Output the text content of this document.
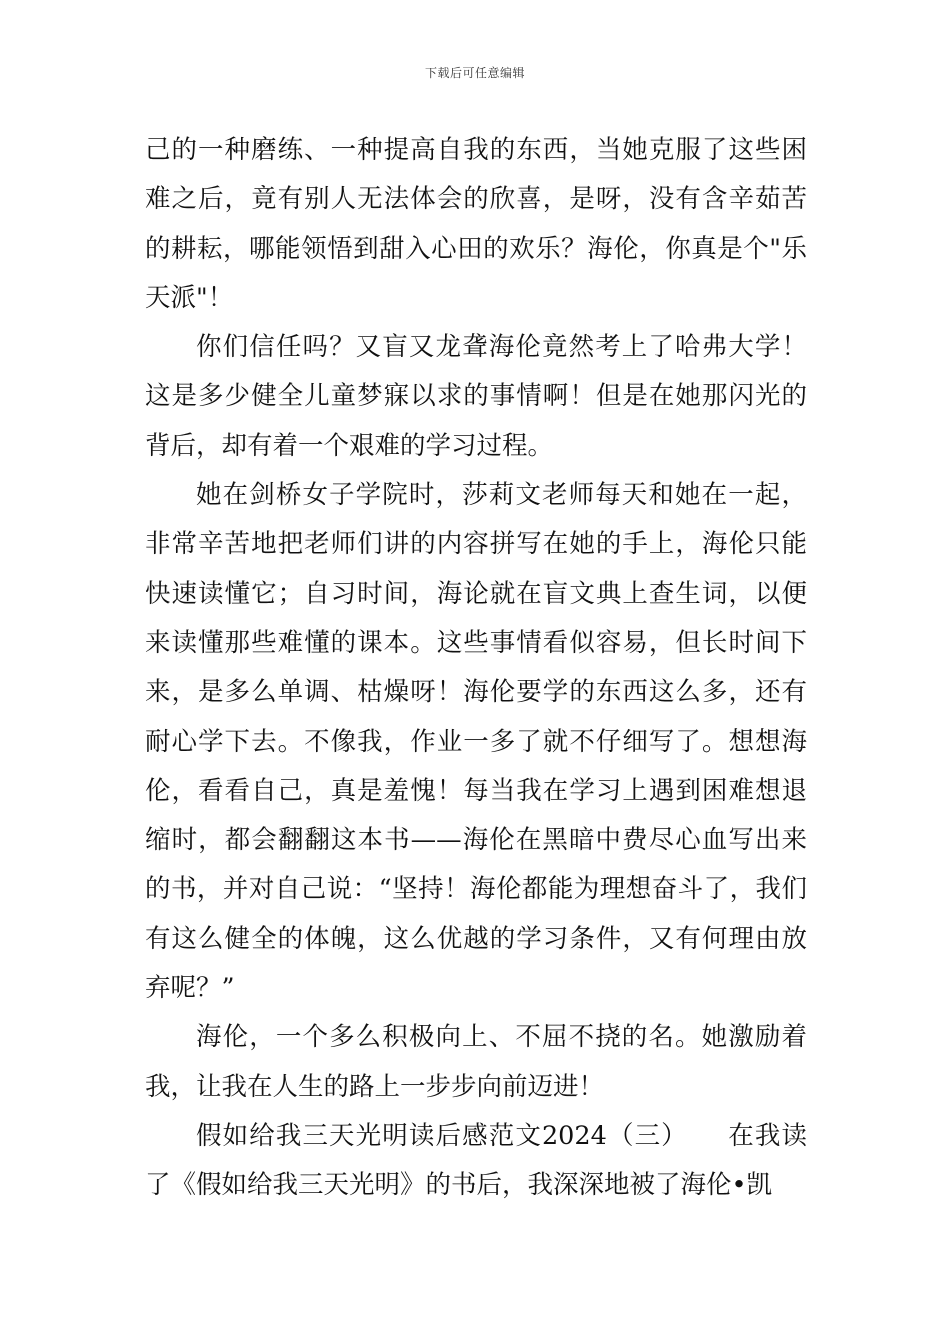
下载后可任意编辑

己的一种磨练、一种提高自我的东西，当她克服了这些困难之后，竟有别人无法体会的欣喜，是呀，没有含辛茹苦的耕耘，哪能领悟到甜入心田的欢乐？海伦，你真是个"乐天派"！

你们信任吗？又盲又龙聋海伦竟然考上了哈弗大学！这是多少健全儿童梦寐以求的事情啊！但是在她那闪光的背后，却有着一个艰难的学习过程。

她在剑桥女子学院时，莎莉文老师每天和她在一起，非常辛苦地把老师们讲的内容拼写在她的手上，海伦只能快速读懂它；自习时间，海论就在盲文典上查生词，以便来读懂那些难懂的课本。这些事情看似容易，但长时间下来，是多么单调、枯燥呀！海伦要学的东西这么多，还有耐心学下去。不像我，作业一多了就不仔细写了。想想海伦，看看自己，真是羞愧！每当我在学习上遇到困难想退缩时，都会翻翻这本书——海伦在黑暗中费尽心血写出来的书，并对自己说：“坚持！海伦都能为理想奋斗了，我们有这么健全的体魄，这么优越的学习条件，又有何理由放弃呢？”

海伦，一个多么积极向上、不屈不挠的名。她激励着我，让我在人生的路上一步步向前迈进！

假如给我三天光明读后感范文2024（三）　　在我读了《假如给我三天光明》的书后，我深深地被了海伦•凯
